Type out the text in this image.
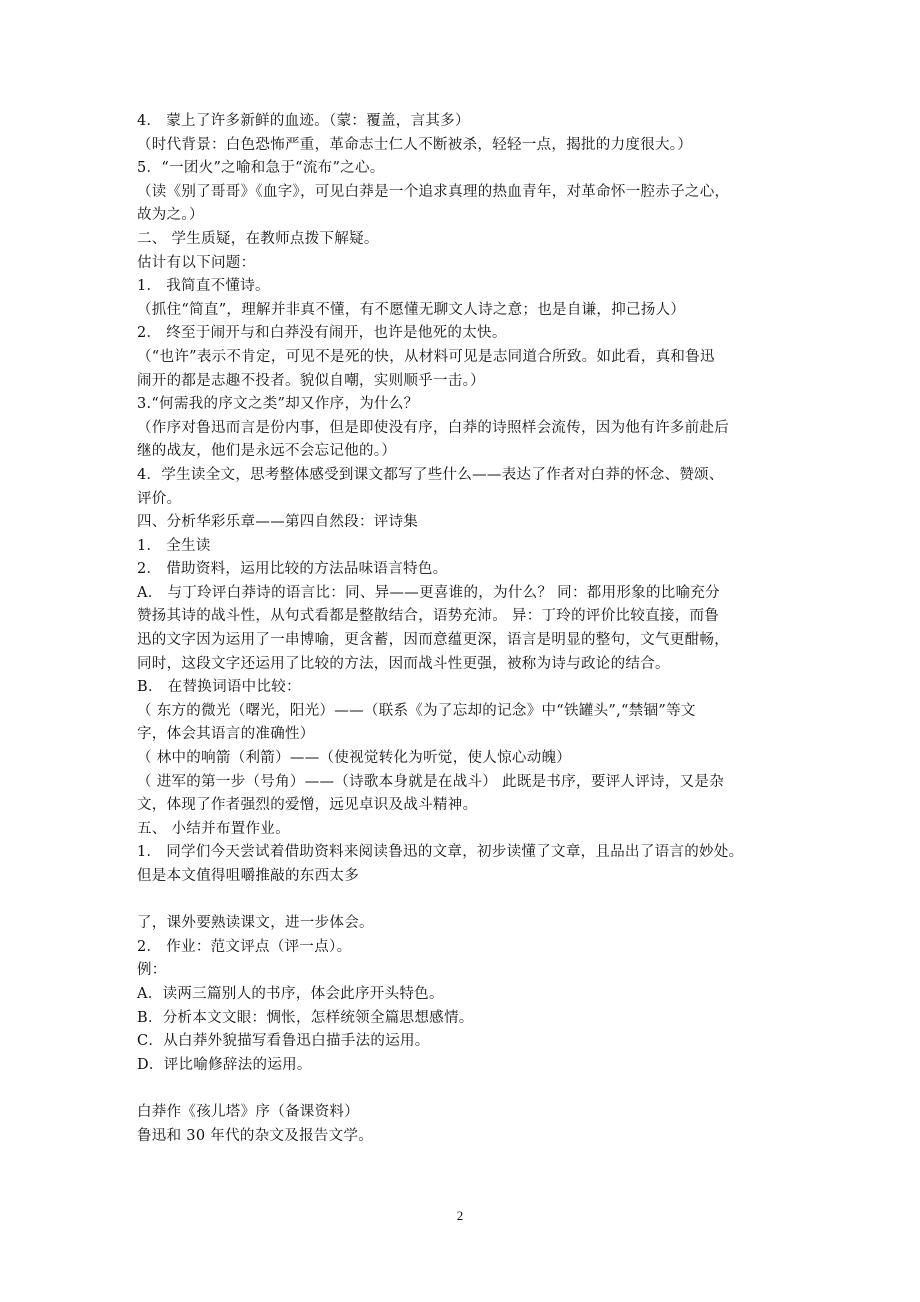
4． 蒙上了许多新鲜的血迹。（蒙：覆盖，言其多）
（时代背景：白色恐怖严重，革命志士仁人不断被杀，轻轻一点，揭批的力度很大。）
5．“一团火”之喻和急于“流布”之心。
（读《别了哥哥》《血字》，可见白莽是一个追求真理的热血青年，对革命怀一腔赤子之心，
故为之。）
二、 学生质疑，在教师点拨下解疑。
估计有以下问题：
1． 我简直不懂诗。
（抓住“简直”，理解并非真不懂，有不愿懂无聊文人诗之意；也是自谦，抑己扬人）
2． 终至于闹开与和白莽没有闹开，也许是他死的太快。
（“也许”表示不肯定，可见不是死的快，从材料可见是志同道合所致。如此看，真和鲁迅
闹开的都是志趣不投者。貌似自嘲，实则顺乎一击。）
3.“何需我的序文之类”却又作序，为什么？
（作序对鲁迅而言是份内事，但是即使没有序，白莽的诗照样会流传，因为他有许多前赴后
继的战友，他们是永远不会忘记他的。）
4．学生读全文，思考整体感受到课文都写了些什么——表达了作者对白莽的怀念、赞颂、
评价。
四、分析华彩乐章——第四自然段：评诗集
1． 全生读
2． 借助资料，运用比较的方法品味语言特色。
A． 与丁玲评白莽诗的语言比：同、异——更喜谁的，为什么？ 同：都用形象的比喻充分
赞扬其诗的战斗性，从句式看都是整散结合，语势充沛。 异：丁玲的评价比较直接，而鲁
迅的文字因为运用了一串博喻，更含蓄，因而意蕴更深，语言是明显的整句，文气更酣畅，
同时，这段文字还运用了比较的方法，因而战斗性更强，被称为诗与政论的结合。
B． 在替换词语中比较：
（ 东方的微光（曙光，阳光）——（联系《为了忘却的记念》中“铁罐头”,“禁锢”等文
字，体会其语言的准确性）
（ 林中的响箭（利箭）——（使视觉转化为听觉，使人惊心动魄）
（ 进军的第一步（号角）——（诗歌本身就是在战斗） 此既是书序，要评人评诗，又是杂
文，体现了作者强烈的爱憎，远见卓识及战斗精神。
五、 小结并布置作业。
1． 同学们今天尝试着借助资料来阅读鲁迅的文章，初步读懂了文章，且品出了语言的妙处。
但是本文值得咀嚼推敲的东西太多
了，课外要熟读课文，进一步体会。
2． 作业：范文评点（评一点）。
例：
A．读两三篇别人的书序，体会此序开头特色。
B．分析本文文眼：惆怅，怎样统领全篇思想感情。
C．从白莽外貌描写看鲁迅白描手法的运用。
D．评比喻修辞法的运用。
白莽作《孩儿塔》序（备课资料）
鲁迅和 30 年代的杂文及报告文学。
2
